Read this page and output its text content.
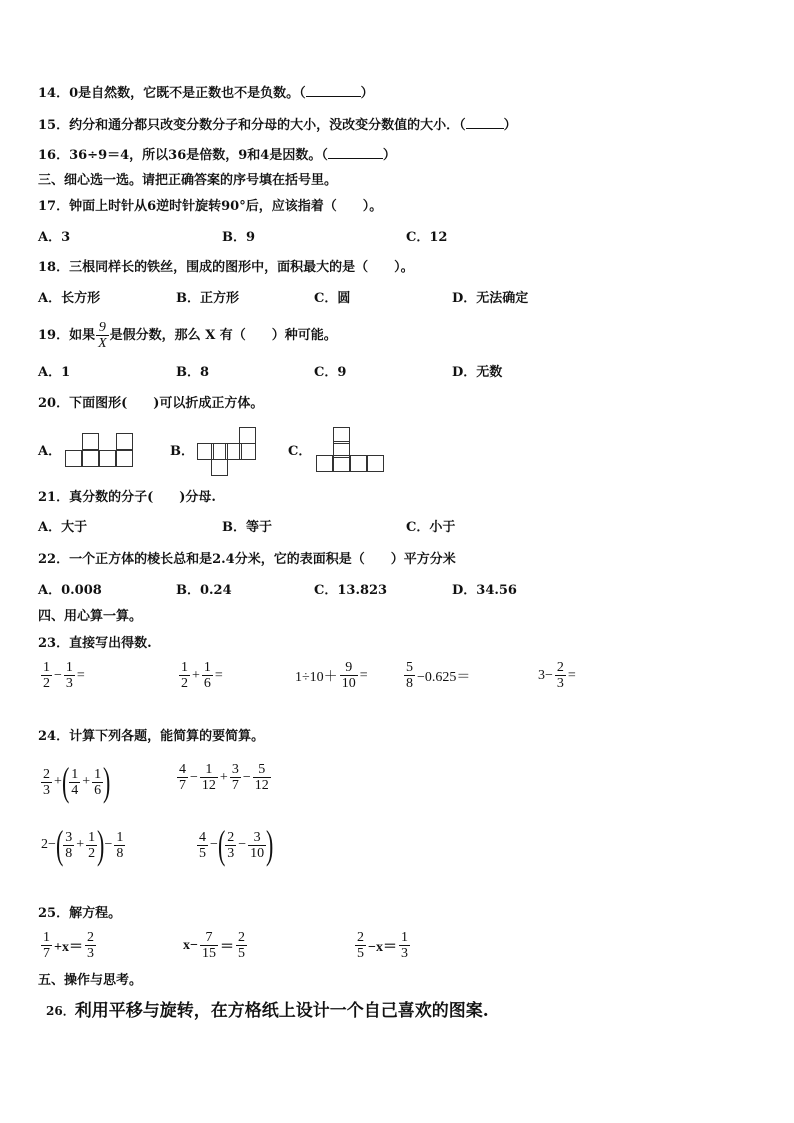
14．0是自然数，它既不是正数也不是负数。（	）
15．约分和通分都只改变分数分子和分母的大小，没改变分数值的大小．（	）
16．36÷9＝4，所以36是倍数，9和4是因数。（	）
三、细心选一选。请把正确答案的序号填在括号里。
17．钟面上时针从6逆时针旋转90°后，应该指着（　　）。
A．3	B．9	C．12
18．三根同样长的铁丝，围成的图形中，面积最大的是（　　）。
A．长方形	B．正方形	C．圆	D．无法确定
19． 如果 $\frac{9}{X}$ 是假分数，那么 X 有（　　）种可能。
A．1	B．8	C．9	D．无数
20．下面图形(　　)可以折成正方体。
A．	B．	C．
21．真分数的分子(　　)分母.
A．大于	B．等于	C．小于
22．一个正方体的棱长总和是2.4分米，它的表面积是（　　）平方分米
A．0.008	B．0.24	C．13.823	D．34.56
四、用心算一算。
23．直接写出得数.
$\frac{1}{2} - \frac{1}{3}$ =	$\frac{1}{2} + \frac{1}{6}$ =	$1\div 10+ \frac{9}{10}$ =	$\frac{5}{8} -0.625=$	$3- \frac{2}{3}$ =
24．计算下列各题，能简算的要简算。
$\frac{2}{3}$ + ( $\frac{1}{4} + \frac{1}{6}$ )	$\frac{4}{7} - \frac{1}{12} + \frac{3}{7} - \frac{5}{12}$
2− ( $\frac{3}{8} + \frac{1}{2}$ ) − $\frac{1}{8}$	$\frac{4}{5}$ − ( $\frac{2}{3} - \frac{3}{10}$ )
25．解方程。
$\frac{1}{7} +x= \frac{2}{3}$	$x- \frac{7}{15} = \frac{2}{5}$	$\frac{2}{5} -x= \frac{1}{3}$
五、操作与思考。
26． 利用平移与旋转，在方格纸上设计一个自己喜欢的图案.
